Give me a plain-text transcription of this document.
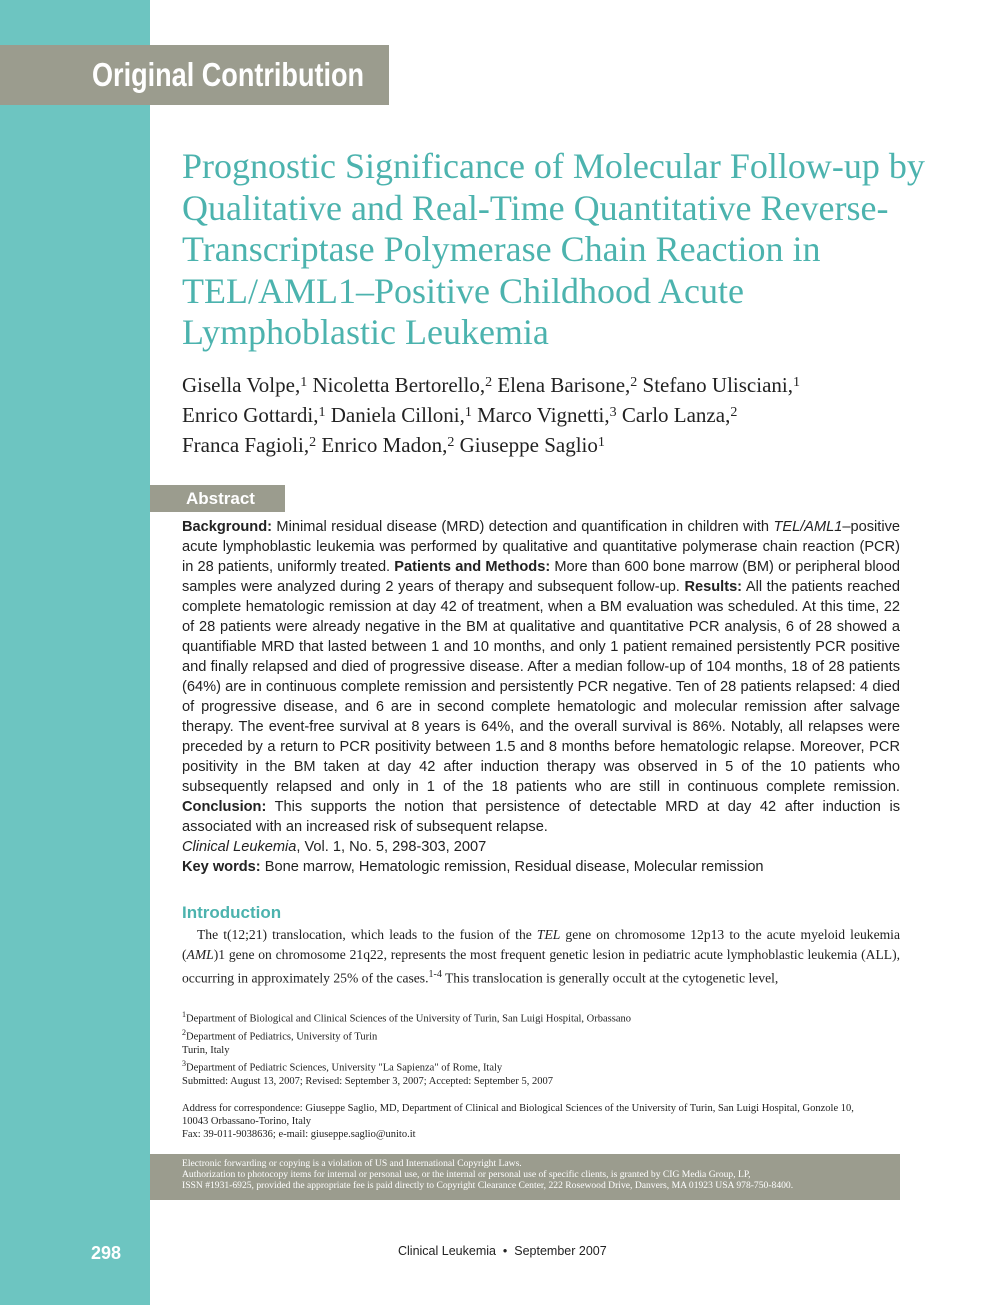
Original Contribution
Prognostic Significance of Molecular Follow-up by Qualitative and Real-Time Quantitative Reverse-Transcriptase Polymerase Chain Reaction in TEL/AML1–Positive Childhood Acute Lymphoblastic Leukemia
Gisella Volpe,$^1$ Nicoletta Bertorello,$^2$ Elena Barisone,$^2$ Stefano Ulisciani,$^1$
Enrico Gottardi,$^1$ Daniela Cilloni,$^1$ Marco Vignetti,$^3$ Carlo Lanza,$^2$
Franca Fagioli,$^2$ Enrico Madon,$^2$ Giuseppe Saglio$^1$
Abstract

Background: Minimal residual disease (MRD) detection and quantification in children with TEL/AML1–positive acute lymphoblastic leukemia was performed by qualitative and quantitative polymerase chain reaction (PCR) in 28 patients, uniformly treated. Patients and Methods: More than 600 bone marrow (BM) or peripheral blood samples were analyzed during 2 years of therapy and subsequent follow-up. Results: All the patients reached complete hematologic remission at day 42 of treatment, when a BM evaluation was scheduled. At this time, 22 of 28 patients were already negative in the BM at qualitative and quantitative PCR analysis, 6 of 28 showed a quantifiable MRD that lasted between 1 and 10 months, and only 1 patient remained persistently PCR positive and finally relapsed and died of progressive disease. After a median follow-up of 104 months, 18 of 28 patients (64%) are in continuous complete remission and persistently PCR negative. Ten of 28 patients relapsed: 4 died of progressive disease, and 6 are in second complete hematologic and molecular remission after salvage therapy. The event-free survival at 8 years is 64%, and the overall survival is 86%. Notably, all relapses were preceded by a return to PCR positivity between 1.5 and 8 months before hematologic relapse. Moreover, PCR positivity in the BM taken at day 42 after induction therapy was observed in 5 of the 10 patients who subsequently relapsed and only in 1 of the 18 patients who are still in continuous complete remission. Conclusion: This supports the notion that persistence of detectable MRD at day 42 after induction is associated with an increased risk of subsequent relapse.

Clinical Leukemia, Vol. 1, No. 5, 298-303, 2007
Key words: Bone marrow, Hematologic remission, Residual disease, Molecular remission
Introduction

The t(12;21) translocation, which leads to the fusion of the TEL gene on chromosome 12p13 to the acute myeloid leukemia (AML)1 gene on chromosome 21q22, represents the most frequent genetic lesion in pediatric acute lymphoblastic leukemia (ALL), occurring in approximately 25% of the cases.$^{1-4}$ This translocation is generally occult at the cytogenetic level,

$^1$Department of Biological and Clinical Sciences of the University of Turin, San Luigi Hospital, Orbassano
$^2$Department of Pediatrics, University of Turin
Turin, Italy
$^3$Department of Pediatric Sciences, University "La Sapienza" of Rome, Italy
Submitted: August 13, 2007; Revised: September 3, 2007; Accepted: September 5, 2007
Address for correspondence: Giuseppe Saglio, MD, Department of Clinical and Biological Sciences of the University of Turin, San Luigi Hospital, Gonzole 10,
10043 Orbassano-Torino, Italy
Fax: 39-011-9038636; e-mail: giuseppe.saglio@unito.it
Electronic forwarding or copying is a violation of US and International Copyright Laws.
Authorization to photocopy items for internal or personal use, or the internal or personal use of specific clients, is granted by CIG Media Group, LP,
ISSN #1931-6925, provided the appropriate fee is paid directly to Copyright Clearance Center, 222 Rosewood Drive, Danvers, MA 01923 USA 978-750-8400.
298	Clinical Leukemia • September 2007
